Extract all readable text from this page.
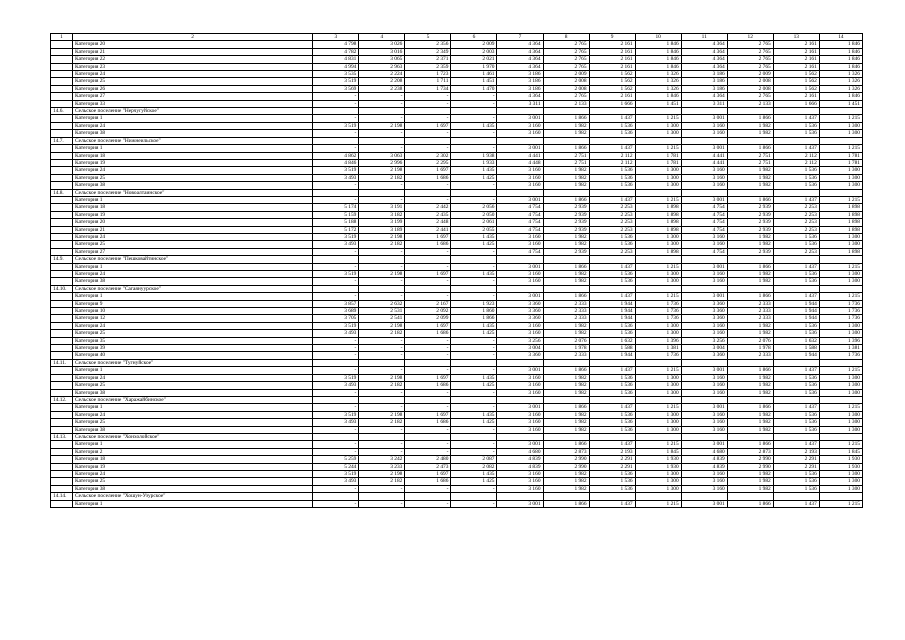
1	2	3	4	5	6	7	8	9	10	11	12	13	14
	Категория 20	4 798	3 026	2 356	2 009	4 364	2 765	2 161	1 846	4 364	2 765	2 161	1 846
	Категория 21	4 782	3 016	2 349	2 003	4 364	2 765	2 161	1 846	4 364	2 765	2 161	1 846
	Категория 22	4 831	3 065	2 371	2 021	4 364	2 765	2 161	1 846	4 364	2 765	2 161	1 846
	Категория 23	4 994	2 963	2 359	1 970	4 364	2 765	2 161	1 846	4 364	2 765	2 161	1 846
	Категория 24	3 535	2 224	1 723	1 461	3 186	2 009	1 562	1 326	3 186	2 009	1 562	1 326
	Категория 25	3 519	2 208	1 711	1 451	3 186	2 008	1 562	1 326	3 186	2 008	1 562	1 326
	Категория 26	3 569	2 238	1 734	1 470	3 186	2 008	1 562	1 326	3 186	2 008	1 562	1 326
	Категория 27	-	-	-	-	4 364	2 765	2 161	1 846	4 364	2 765	2 161	1 846
	Категория 33	-	-	-	-	3 311	2 133	1 666	1 451	3 311	2 133	1 666	1 451
14.6.	Сельское поселение "Нерчугуйское"												
	Категория 1	-	-	-	-	3 001	1 866	1 437	1 215	3 001	1 866	1 437	1 215
	Категория 24	3 519	2 198	1 697	1 435	3 160	1 982	1 536	1 300	3 160	1 982	1 536	1 300
	Категория 38	-	-	-	-	3 160	1 982	1 536	1 300	3 160	1 982	1 536	1 300
14.7.	Сельское поселение "Нижнеильское"												
	Категория 1	-	-	-	-	3 001	1 866	1 437	1 215	3 001	1 866	1 437	1 215
	Категория 18	4 862	3 063	2 302	1 938	4 441	2 751	2 112	1 781	4 441	2 751	2 112	1 781
	Категория 19	4 846	2 996	2 295	1 933	4 448	2 751	2 112	1 781	4 441	2 751	2 112	1 781
	Категория 24	3 519	2 198	1 697	1 435	3 160	1 982	1 536	1 300	3 160	1 982	1 536	1 300
	Категория 25	3 493	2 182	1 686	1 425	3 160	1 982	1 536	1 300	3 160	1 982	1 536	1 300
	Категория 38	-	-	-	-	3 160	1 982	1 536	1 300	3 160	1 982	1 536	1 300
14.8.	Сельское поселение "Новоалтаинское"												
	Категория 1	-	-	-	-	3 001	1 866	1 437	1 215	3 001	1 866	1 437	1 215
	Категория 18	5 174	3 191	2 442	2 056	4 754	2 939	2 253	1 898	4 754	2 939	2 253	1 898
	Категория 19	5 159	3 182	2 435	2 050	4 754	2 939	2 253	1 898	4 754	2 939	2 253	1 898
	Категория 20	5 188	3 199	2 448	2 061	4 754	2 939	2 253	1 898	4 754	2 939	2 253	1 898
	Категория 21	5 172	3 189	2 441	2 055	4 754	2 939	2 253	1 898	4 754	2 939	2 253	1 898
	Категория 24	3 519	2 198	1 697	1 435	3 160	1 982	1 536	1 300	3 160	1 982	1 536	1 300
	Категория 25	3 493	2 182	1 686	1 425	3 160	1 982	1 536	1 300	3 160	1 982	1 536	1 300
	Категория 27	-	-	-	-	4 754	2 939	2 253	1 898	4 754	2 939	2 253	1 898
14.9.	Сельское поселение "Пешковайтинское"												
	Категория 1	-	-	-	-	3 001	1 866	1 437	1 215	3 001	1 866	1 437	1 215
	Категория 24	3 519	2 198	1 697	1 435	3 160	1 982	1 536	1 300	3 160	1 982	1 536	1 300
	Категория 38	-	-	-	-	3 160	1 982	1 536	1 300	3 160	1 982	1 536	1 300
14.10.	Сельское поселение "Сагаянуурское"												
	Категория 1	-	-	-	-	3 001	1 866	1 437	1 215	3 001	1 866	1 437	1 215
	Категория 9	3 857	2 632	2 167	1 923	3 360	2 333	1 944	1 736	3 360	2 333	1 944	1 736
	Категория 10	3 689	2 531	2 092	1 860	3 360	2 333	1 944	1 736	3 360	2 333	1 944	1 736
	Категория 12	3 705	2 541	2 099	1 866	3 360	2 333	1 944	1 736	3 360	2 333	1 944	1 736
	Категория 24	3 519	2 198	1 697	1 435	3 160	1 982	1 536	1 300	3 160	1 982	1 536	1 300
	Категория 25	3 493	2 182	1 686	1 425	3 160	1 982	1 536	1 300	3 160	1 982	1 536	1 300
	Категория 35	-	-	-	-	3 256	2 076	1 632	1 396	3 256	2 076	1 632	1 396
	Категория 39	-	-	-	-	3 004	1 978	1 588	1 381	3 004	1 978	1 588	1 381
	Категория 40	-	-	-	-	3 360	2 333	1 944	1 736	3 360	2 333	1 944	1 736
14.11.	Сельское поселение "Тугнуйское"												
	Категория 1	-	-	-	-	3 001	1 866	1 437	1 215	3 001	1 866	1 437	1 215
	Категория 24	3 519	2 198	1 697	1 435	3 160	1 982	1 536	1 300	3 160	1 982	1 536	1 300
	Категория 25	3 493	2 182	1 686	1 425	3 160	1 982	1 536	1 300	3 160	1 982	1 536	1 300
	Категория 38	-	-	-	-	3 160	1 982	1 536	1 300	3 160	1 982	1 536	1 300
14.12.	Сельское поселение "Хаража́йбинское"												
	Категория 1	-	-	-	-	3 001	1 866	1 437	1 215	3 001	1 866	1 437	1 215
	Категория 24	3 519	2 198	1 697	1 435	3 160	1 982	1 536	1 300	3 160	1 982	1 536	1 300
	Категория 25	3 493	2 182	1 686	1 425	3 160	1 982	1 536	1 300	3 160	1 982	1 536	1 300
	Категория 38	-	-	-	-	3 160	1 982	1 536	1 300	3 160	1 982	1 536	1 300
14.13.	Сельское поселение "Хонхолойское"												
	Категория 1	-	-	-	-	3 001	1 866	1 437	1 215	3 001	1 866	1 437	1 215
	Категория 2	-	-	-	-	4 680	2 873	2 193	1 845	4 680	2 873	2 193	1 845
	Категория 18	5 259	3 242	2 480	2 087	4 839	2 990	2 291	1 930	4 839	2 990	2 291	1 930
	Категория 19	5 244	3 233	2 473	2 082	4 839	2 990	2 291	1 930	4 839	2 990	2 291	1 930
	Категория 24	3 519	2 198	1 697	1 435	3 160	1 982	1 536	1 300	3 160	1 982	1 536	1 300
	Категория 25	3 493	2 182	1 686	1 425	3 160	1 982	1 536	1 300	3 160	1 982	1 536	1 300
	Категория 38	-	-	-	-	3 160	1 982	1 536	1 300	3 160	1 982	1 536	1 300
14.14.	Сельское поселение "Хошун-Узурское"												
	Категория 1	-	-	-	-	3 001	1 866	1 437	1 215	3 001	1 866	1 437	1 215
